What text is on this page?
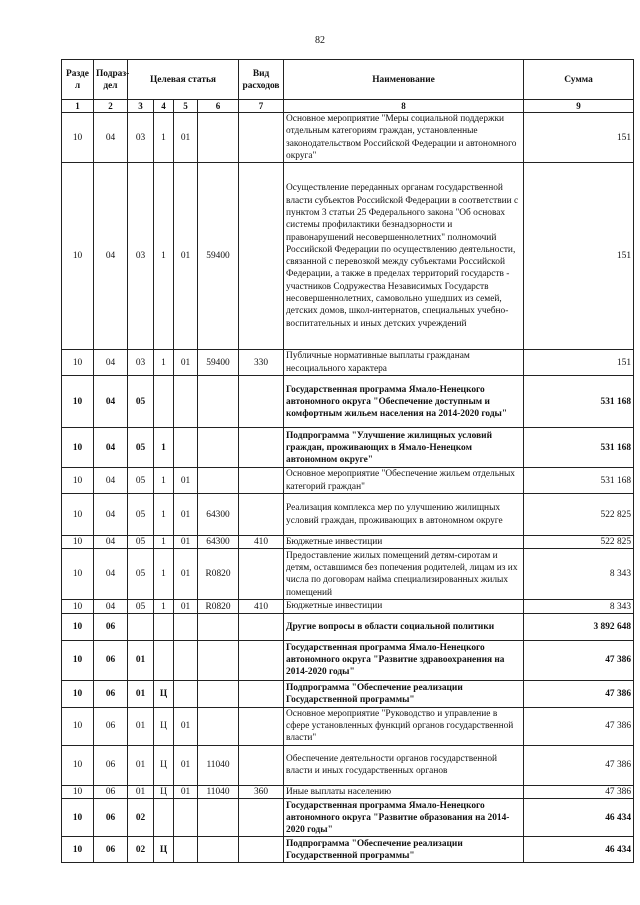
82
Разде л	Подраз- дел	Целевая статья				Вид расходов	Наименование	Сумма
1	2	3	4	5	6	7	8	9
10	04	03	1	01			Основное мероприятие "Меры социальной поддержки отдельным категориям граждан, установленные законодательством Российской Федерации и автономного округа"	151
10	04	03	1	01	59400		Осуществление переданных органам государственной власти субъектов Российской Федерации в соответствии с пунктом 3 статьи 25 Федерального закона "Об основах системы профилактики безнадзорности и правонарушений несовершеннолетних" полномочий Российской Федерации по осуществлению деятельности, связанной с перевозкой между субъектами Российской Федерации, а также в пределах территорий государств - участников Содружества Независимых Государств несовершеннолетних, самовольно ушедших из семей, детских домов, школ-интернатов, специальных учебно-воспитательных и иных детских учреждений	151
10	04	03	1	01	59400	330	Публичные нормативные выплаты гражданам несоциального характера	151
10	04	05					Государственная программа Ямало-Ненецкого автономного округа "Обеспечение доступным и комфортным жильем населения на 2014-2020 годы"	531 168
10	04	05	1				Подпрограмма "Улучшение жилищных условий граждан, проживающих в Ямало-Ненецком автономном округе"	531 168
10	04	05	1	01			Основное мероприятие "Обеспечение жильем отдельных категорий граждан"	531 168
10	04	05	1	01	64300		Реализация комплекса мер по улучшению жилищных условий граждан, проживающих в автономном округе	522 825
10	04	05	1	01	64300	410	Бюджетные инвестиции	522 825
10	04	05	1	01	R0820		Предоставление жилых помещений детям-сиротам и детям, оставшимся без попечения родителей, лицам из их числа по договорам найма специализированных жилых помещений	8 343
10	04	05	1	01	R0820	410	Бюджетные инвестиции	8 343
10	06						Другие вопросы в области социальной политики	3 892 648
10	06	01					Государственная программа Ямало-Ненецкого автономного округа "Развитие здравоохранения на 2014-2020 годы"	47 386
10	06	01	Ц				Подпрограмма "Обеспечение реализации Государственной программы"	47 386
10	06	01	Ц	01			Основное мероприятие "Руководство и управление в сфере установленных функций органов государственной власти"	47 386
10	06	01	Ц	01	11040		Обеспечение деятельности органов государственной власти и иных государственных органов	47 386
10	06	01	Ц	01	11040	360	Иные выплаты населению	47 386
10	06	02					Государственная программа Ямало-Ненецкого автономного округа "Развитие образования на 2014-2020 годы"	46 434
10	06	02	Ц				Подпрограмма "Обеспечение реализации Государственной программы"	46 434
